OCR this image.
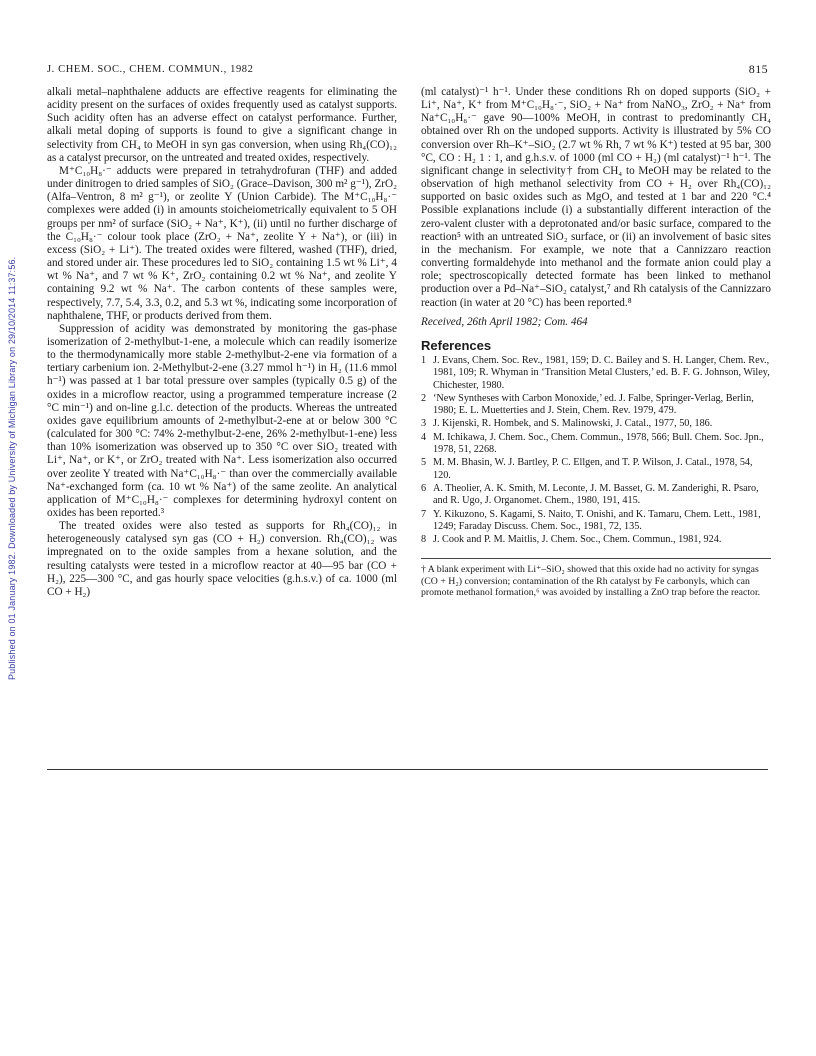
J. CHEM. SOC., CHEM. COMMUN., 1982	815
Published on 01 January 1982. Downloaded by University of Michigan Library on 29/10/2014 11:37:56.

alkali metal–naphthalene adducts are effective reagents for eliminating the acidity present on the surfaces of oxides frequently used as catalyst supports. Such acidity often has an adverse effect on catalyst performance. Further, alkali metal doping of supports is found to give a significant change in selectivity from CH₄ to MeOH in syn gas conversion, when using Rh₄(CO)₁₂ as a catalyst precursor, on the untreated and treated oxides, respectively.

M⁺C₁₀H₈·⁻ adducts were prepared in tetrahydrofuran (THF) and added under dinitrogen to dried samples of SiO₂ (Grace–Davison, 300 m² g⁻¹), ZrO₂ (Alfa–Ventron, 8 m² g⁻¹), or zeolite Y (Union Carbide). The M⁺C₁₀H₈·⁻ complexes were added (i) in amounts stoicheiometrically equivalent to 5 OH groups per nm² of surface (SiO₂ + Na⁺, K⁺), (ii) until no further discharge of the C₁₀H₈·⁻ colour took place (ZrO₂ + Na⁺, zeolite Y + Na⁺), or (iii) in excess (SiO₂ + Li⁺). The treated oxides were filtered, washed (THF), dried, and stored under air. These procedures led to SiO₂ containing 1.5 wt % Li⁺, 4 wt % Na⁺, and 7 wt % K⁺, ZrO₂ containing 0.2 wt % Na⁺, and zeolite Y containing 9.2 wt % Na⁺. The carbon contents of these samples were, respectively, 7.7, 5.4, 3.3, 0.2, and 5.3 wt %, indicating some incorporation of naphthalene, THF, or products derived from them.

Suppression of acidity was demonstrated by monitoring the gas-phase isomerization of 2-methylbut-1-ene, a molecule which can readily isomerize to the thermodynamically more stable 2-methylbut-2-ene via formation of a tertiary carbenium ion. 2-Methylbut-2-ene (3.27 mmol h⁻¹) in H₂ (11.6 mmol h⁻¹) was passed at 1 bar total pressure over samples (typically 0.5 g) of the oxides in a microflow reactor, using a programmed temperature increase (2 °C min⁻¹) and on-line g.l.c. detection of the products. Whereas the untreated oxides gave equilibrium amounts of 2-methylbut-2-ene at or below 300 °C (calculated for 300 °C: 74% 2-methylbut-2-ene, 26% 2-methylbut-1-ene) less than 10% isomerization was observed up to 350 °C over SiO₂ treated with Li⁺, Na⁺, or K⁺, or ZrO₂ treated with Na⁺. Less isomerization also occurred over zeolite Y treated with Na⁺C₁₀H₈·⁻ than over the commercially available Na⁺-exchanged form (ca. 10 wt % Na⁺) of the same zeolite. An analytical application of M⁺C₁₀H₈·⁻ complexes for determining hydroxyl content on oxides has been reported.³

The treated oxides were also tested as supports for Rh₄(CO)₁₂ in heterogeneously catalysed syn gas (CO + H₂) conversion. Rh₄(CO)₁₂ was impregnated on to the oxide samples from a hexane solution, and the resulting catalysts were tested in a microflow reactor at 40—95 bar (CO + H₂), 225—300 °C, and gas hourly space velocities (g.h.s.v.) of ca. 1000 (ml CO + H₂)

(ml catalyst)⁻¹ h⁻¹. Under these conditions Rh on doped supports (SiO₂ + Li⁺, Na⁺, K⁺ from M⁺C₁₀H₈·⁻, SiO₂ + Na⁺ from NaNO₃, ZrO₂ + Na⁺ from Na⁺C₁₀H₈·⁻ gave 90—100% MeOH, in contrast to predominantly CH₄ obtained over Rh on the undoped supports. Activity is illustrated by 5% CO conversion over Rh–K⁺–SiO₂ (2.7 wt % Rh, 7 wt % K⁺) tested at 95 bar, 300 °C, CO : H₂ 1 : 1, and g.h.s.v. of 1000 (ml CO + H₂) (ml catalyst)⁻¹ h⁻¹. The significant change in selectivity† from CH₄ to MeOH may be related to the observation of high methanol selectivity from CO + H₂ over Rh₄(CO)₁₂ supported on basic oxides such as MgO, and tested at 1 bar and 220 °C.⁴ Possible explanations include (i) a substantially different interaction of the zero-valent cluster with a deprotonated and/or basic surface, compared to the reaction⁵ with an untreated SiO₂ surface, or (ii) an involvement of basic sites in the mechanism. For example, we note that a Cannizzaro reaction converting formaldehyde into methanol and the formate anion could play a role; spectroscopically detected formate has been linked to methanol production over a Pd–Na⁺–SiO₂ catalyst,⁷ and Rh catalysis of the Cannizzaro reaction (in water at 20 °C) has been reported.⁸

Received, 26th April 1982; Com. 464

References
1 J. Evans, Chem. Soc. Rev., 1981, 159; D. C. Bailey and S. H. Langer, Chem. Rev., 1981, 109; R. Whyman in ‘Transition Metal Clusters,’ ed. B. F. G. Johnson, Wiley, Chichester, 1980.
2 ‘New Syntheses with Carbon Monoxide,’ ed. J. Falbe, Springer-Verlag, Berlin, 1980; E. L. Muetterties and J. Stein, Chem. Rev. 1979, 479.
3 J. Kijenski, R. Hombek, and S. Malinowski, J. Catal., 1977, 50, 186.
4 M. Ichikawa, J. Chem. Soc., Chem. Commun., 1978, 566; Bull. Chem. Soc. Jpn., 1978, 51, 2268.
5 M. M. Bhasin, W. J. Bartley, P. C. Ellgen, and T. P. Wilson, J. Catal., 1978, 54, 120.
6 A. Theolier, A. K. Smith, M. Leconte, J. M. Basset, G. M. Zanderighi, R. Psaro, and R. Ugo, J. Organomet. Chem., 1980, 191, 415.
7 Y. Kikuzono, S. Kagami, S. Naito, T. Onishi, and K. Tamaru, Chem. Lett., 1981, 1249; Faraday Discuss. Chem. Soc., 1981, 72, 135.
8 J. Cook and P. M. Maitlis, J. Chem. Soc., Chem. Commun., 1981, 924.
† A blank experiment with Li⁺–SiO₂ showed that this oxide had no activity for syngas (CO + H₂) conversion; contamination of the Rh catalyst by Fe carbonyls, which can promote methanol formation,⁶ was avoided by installing a ZnO trap before the reactor.
